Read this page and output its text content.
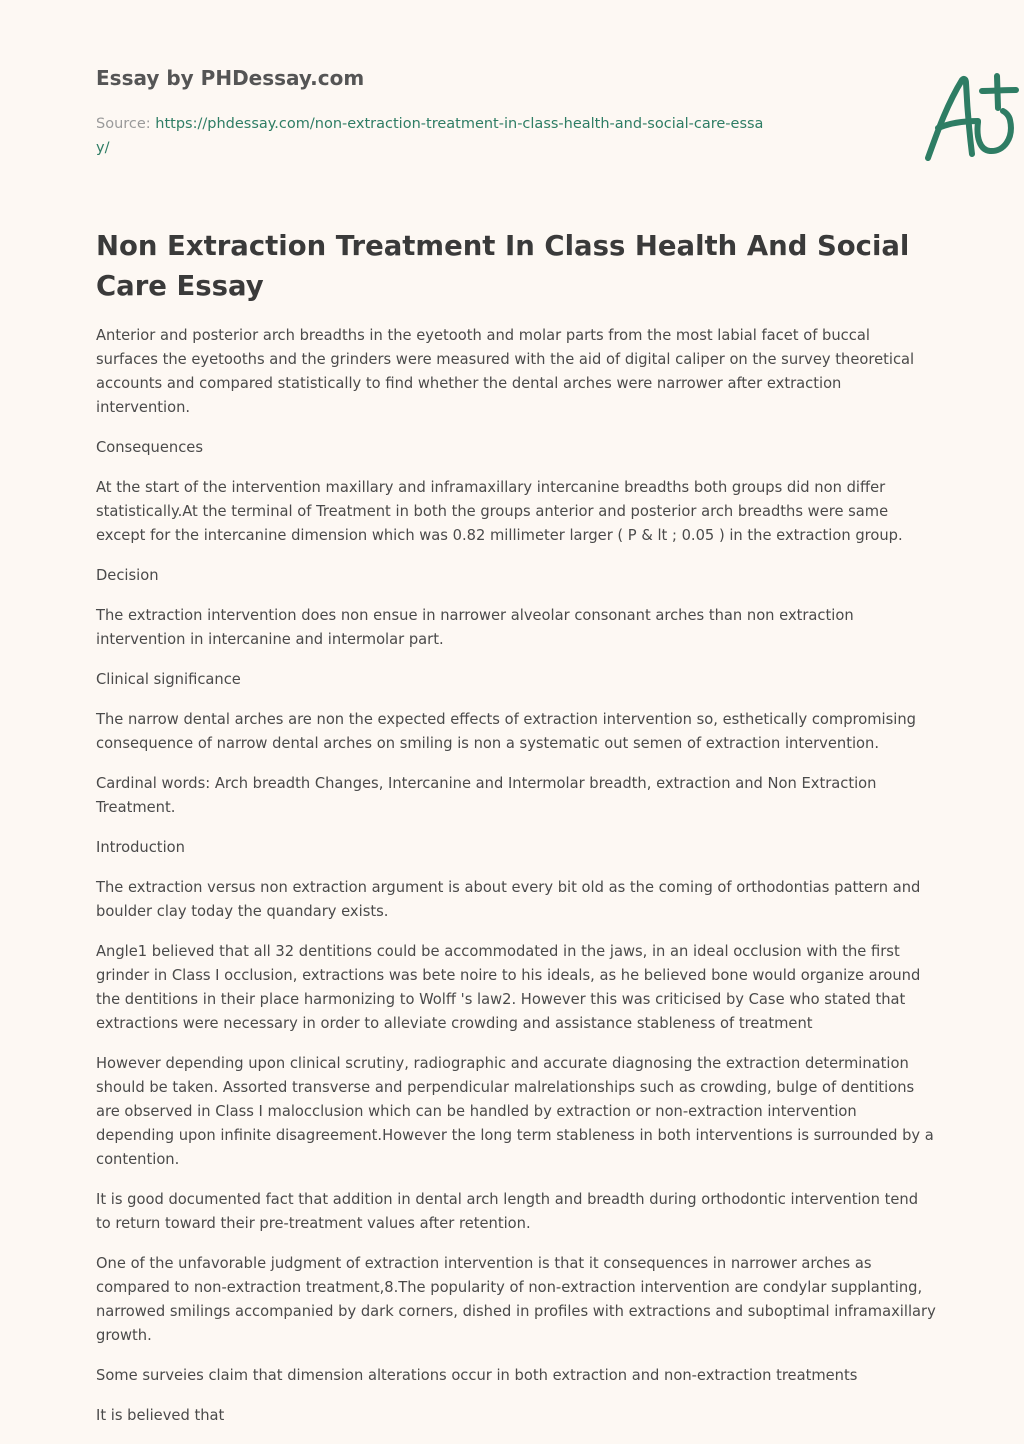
Essay by PHDessay.com
Source: https://phdessay.com/non-extraction-treatment-in-class-health-and-social-care-essay/
Non Extraction Treatment In Class Health And Social Care Essay

Anterior and posterior arch breadths in the eyetooth and molar parts from the most labial facet of buccal surfaces the eyetooths and the grinders were measured with the aid of digital caliper on the survey theoretical accounts and compared statistically to find whether the dental arches were narrower after extraction intervention.

Consequences

At the start of the intervention maxillary and inframaxillary intercanine breadths both groups did non differ statistically.At the terminal of Treatment in both the groups anterior and posterior arch breadths were same except for the intercanine dimension which was 0.82 millimeter larger ( P & lt ; 0.05 ) in the extraction group.

Decision

The extraction intervention does non ensue in narrower alveolar consonant arches than non extraction intervention in intercanine and intermolar part.

Clinical significance

The narrow dental arches are non the expected effects of extraction intervention so, esthetically compromising consequence of narrow dental arches on smiling is non a systematic out semen of extraction intervention.

Cardinal words: Arch breadth Changes, Intercanine and Intermolar breadth, extraction and Non Extraction Treatment.

Introduction

The extraction versus non extraction argument is about every bit old as the coming of orthodontias pattern and boulder clay today the quandary exists.

Angle1 believed that all 32 dentitions could be accommodated in the jaws, in an ideal occlusion with the first grinder in Class I occlusion, extractions was bete noire to his ideals, as he believed bone would organize around the dentitions in their place harmonizing to Wolff 's law2. However this was criticised by Case who stated that extractions were necessary in order to alleviate crowding and assistance stableness of treatment

However depending upon clinical scrutiny, radiographic and accurate diagnosing the extraction determination should be taken. Assorted transverse and perpendicular malrelationships such as crowding, bulge of dentitions are observed in Class I malocclusion which can be handled by extraction or non-extraction intervention depending upon infinite disagreement.However the long term stableness in both interventions is surrounded by a contention.

It is good documented fact that addition in dental arch length and breadth during orthodontic intervention tend to return toward their pre-treatment values after retention.

One of the unfavorable judgment of extraction intervention is that it consequences in narrower arches as compared to non-extraction treatment,8.The popularity of non-extraction intervention are condylar supplanting, narrowed smilings accompanied by dark corners, dished in profiles with extractions and suboptimal inframaxillary growth.

Some surveies claim that dimension alterations occur in both extraction and non-extraction treatments

It is believed that
